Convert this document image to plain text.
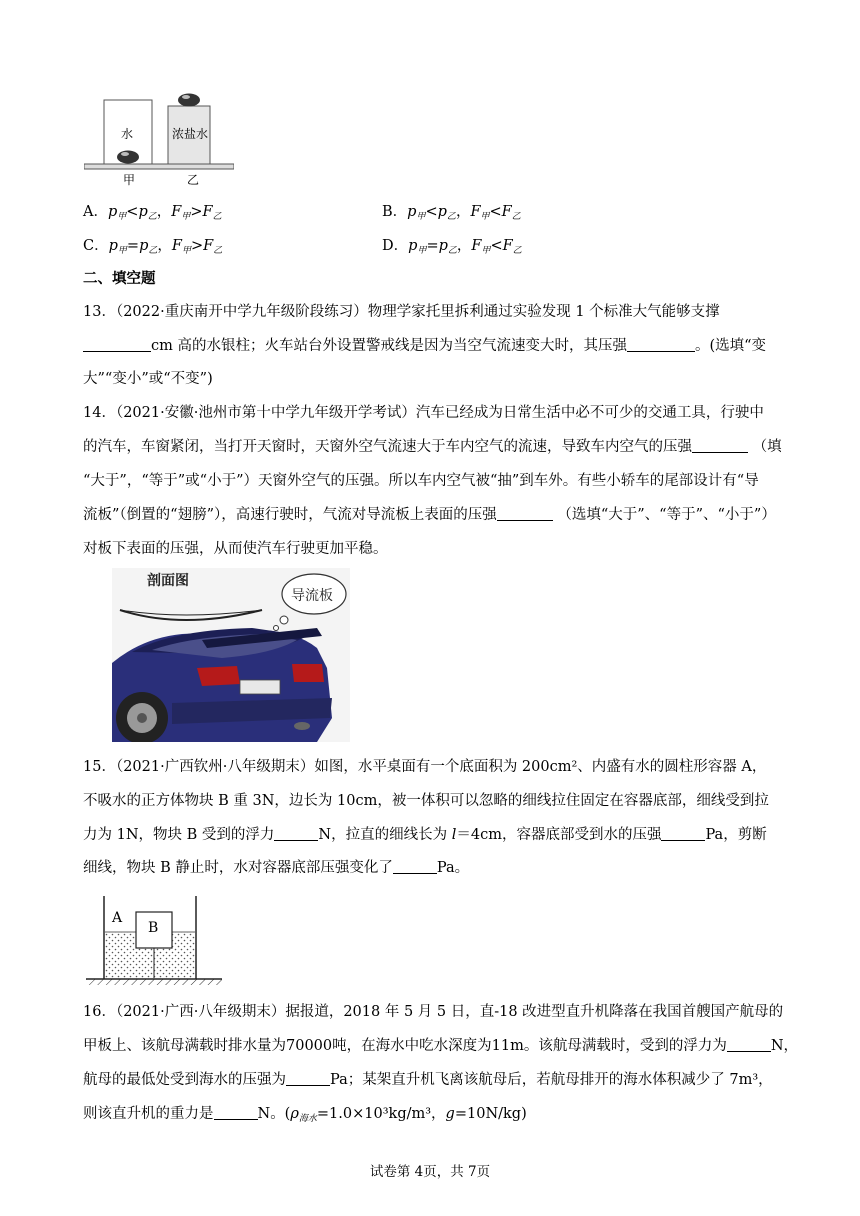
水	浓盐水
甲	乙
A．$p_甲<p_乙$，$F_甲>F_乙$	B．$p_甲<p_乙$，$F_甲<F_乙$
C．$p_甲=p_乙$，$F_甲>F_乙$	D．$p_甲=p_乙$，$F_甲<F_乙$
二、填空题
13．（2022·重庆南开中学九年级阶段练习）物理学家托里拆利通过实验发现 1 个标准大气能够支撑
cm 高的水银柱；火车站台外设置警戒线是因为当空气流速变大时，其压强	。(选填“变
大”“变小”或“不变”)
14．（2021·安徽·池州市第十中学九年级开学考试）汽车已经成为日常生活中必不可少的交通工具，行驶中
的汽车，车窗紧闭，当打开天窗时，天窗外空气流速大于车内空气的流速，导致车内空气的压强	（填
“大于”，“等于”或“小于”）天窗外空气的压强。所以车内空气被“抽”到车外。有些小轿车的尾部设计有“导
流板”（倒置的“翅膀”），高速行驶时，气流对导流板上表面的压强	（选填“大于”、“等于”、“小于”）
对板下表面的压强，从而使汽车行驶更加平稳。
剖面图
导流板
15．（2021·广西钦州·八年级期末）如图，水平桌面有一个底面积为 200cm²、内盛有水的圆柱形容器 A，
不吸水的正方体物块 B 重 3N，边长为 10cm，被一体积可以忽略的细线拉住固定在容器底部，细线受到拉
力为 1N，物块 B 受到的浮力	N，拉直的细线长为 l＝4cm，容器底部受到水的压强	Pa，剪断
细线，物块 B 静止时，水对容器底部压强变化了	Pa。
A
B
16．（2021·广西·八年级期末）据报道，2018 年 5 月 5 日，直-18 改进型直升机降落在我国首艘国产航母的
甲板上、该航母满载时排水量为70000吨，在海水中吃水深度为11m。该航母满载时，受到的浮力为	N，
航母的最低处受到海水的压强为	Pa；某架直升机飞离该航母后，若航母排开的海水体积减少了 7m³，
则该直升机的重力是	N。($\rho_{海水}=1.0\times 10^3kg/m^3$，g=10N/kg)
试卷第 4页，共 7页
